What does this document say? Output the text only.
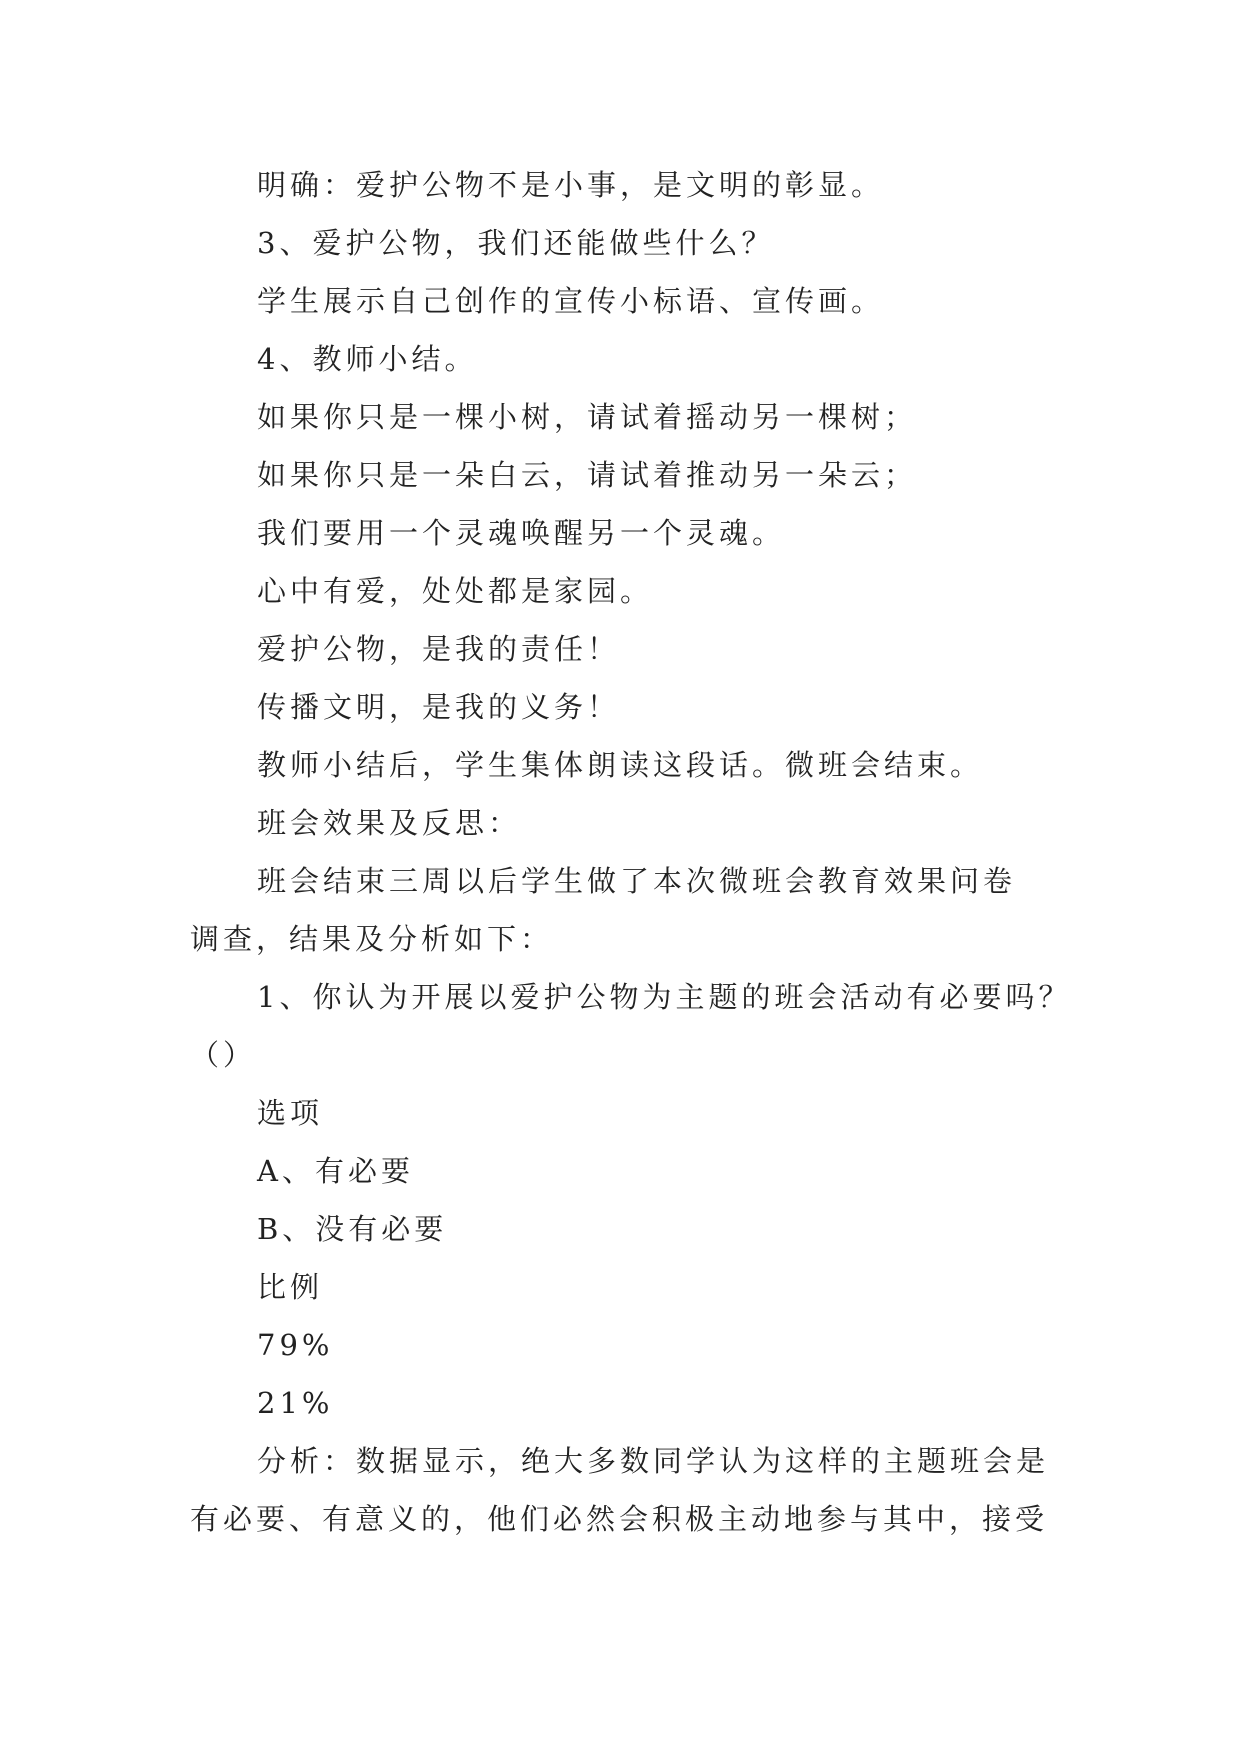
明确：爱护公物不是小事，是文明的彰显。
3、爱护公物，我们还能做些什么？
学生展示自己创作的宣传小标语、宣传画。
4、教师小结。
如果你只是一棵小树，请试着摇动另一棵树；
如果你只是一朵白云，请试着推动另一朵云；
我们要用一个灵魂唤醒另一个灵魂。
心中有爱，处处都是家园。
爱护公物，是我的责任！
传播文明，是我的义务！
教师小结后，学生集体朗读这段话。微班会结束。
班会效果及反思：
班会结束三周以后学生做了本次微班会教育效果问卷
调查，结果及分析如下：
1、你认为开展以爱护公物为主题的班会活动有必要吗？
（）
选项
A、有必要
B、没有必要
比例
79%
21%
分析：数据显示，绝大多数同学认为这样的主题班会是
有必要、有意义的，他们必然会积极主动地参与其中，接受
